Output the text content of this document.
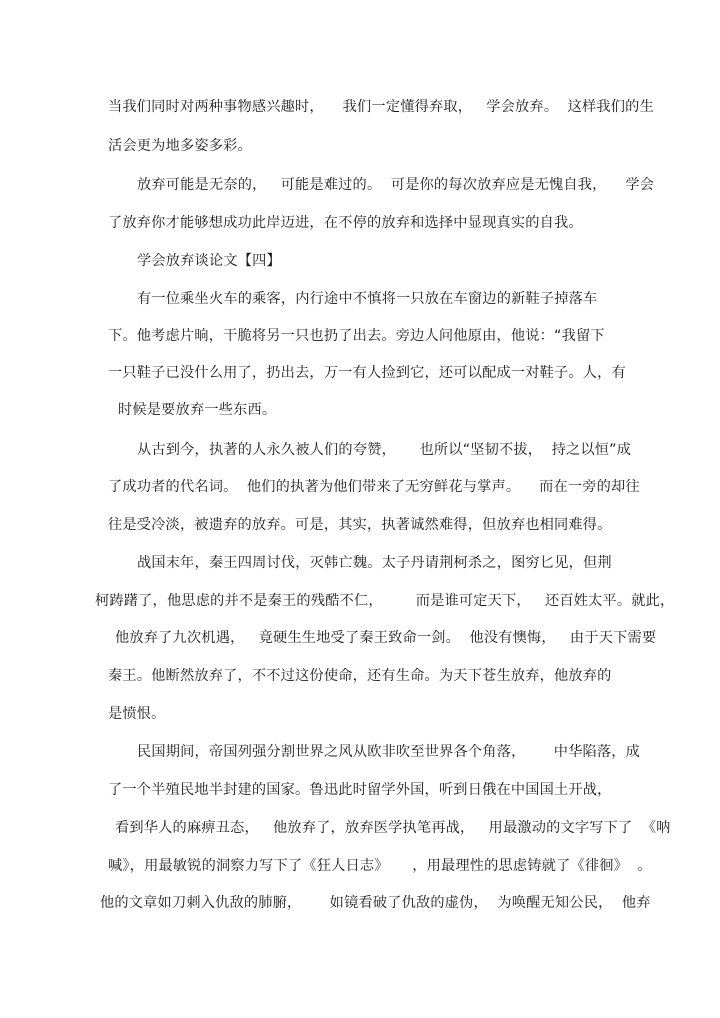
当我们同时对两种事物感兴趣时，    我们一定懂得弃取，   学会放弃。  这样我们的生
活会更为地多姿多彩。
放弃可能是无奈的，   可能是难过的。  可是你的每次放弃应是无愧自我，    学会
了放弃你才能够想成功此岸迈进，在不停的放弃和选择中显现真实的自我。
学会放弃谈论文【四】
有一位乘坐火车的乘客，内行途中不慎将一只放在车窗边的新鞋子掉落车
下。他考虑片晌，干脆将另一只也扔了出去。旁边人问他原由，他说：“我留下
一只鞋子已没什么用了，扔出去，万一有人捡到它，还可以配成一对鞋子。人，有
时候是要放弃一些东西。
从古到今，执著的人永久被人们的夸赞，     也所以“坚韧不拔，  持之以恒”成
了成功者的代名词。  他们的执著为他们带来了无穷鲜花与掌声。    而在一旁的却往
往是受冷淡，被遗弃的放弃。可是，其实，执著诚然难得，但放弃也相同难得。
战国末年，秦王四周讨伐，灭韩亡魏。太子丹请荆柯杀之，图穷匕见，但荆
柯踌躇了，他思虑的并不是秦王的残酷不仁，       而是谁可定天下，   还百姓太平。就此，
他放弃了九次机遇，   竟硬生生地受了秦王致命一剑。  他没有懊悔，   由于天下需要
秦王。他断然放弃了，不不过这份使命，还有生命。为天下苍生放弃，他放弃的
是愤恨。
民国期间，帝国列强分割世界之风从欧非吹至世界各个角落，      中华陷落，成
了一个半殖民地半封建的国家。鲁迅此时留学外国，听到日俄在中国国土开战，
看到华人的麻痹丑态，   他放弃了，放弃医学执笔再战，   用最激动的文字写下了  《呐
喊》，用最敏锐的洞察力写下了《狂人日志》     ，用最理性的思虑铸就了《徘徊》  。
他的文章如刀刺入仇敌的肺腑，      如镜看破了仇敌的虚伪，  为唤醒无知公民，  他弃
